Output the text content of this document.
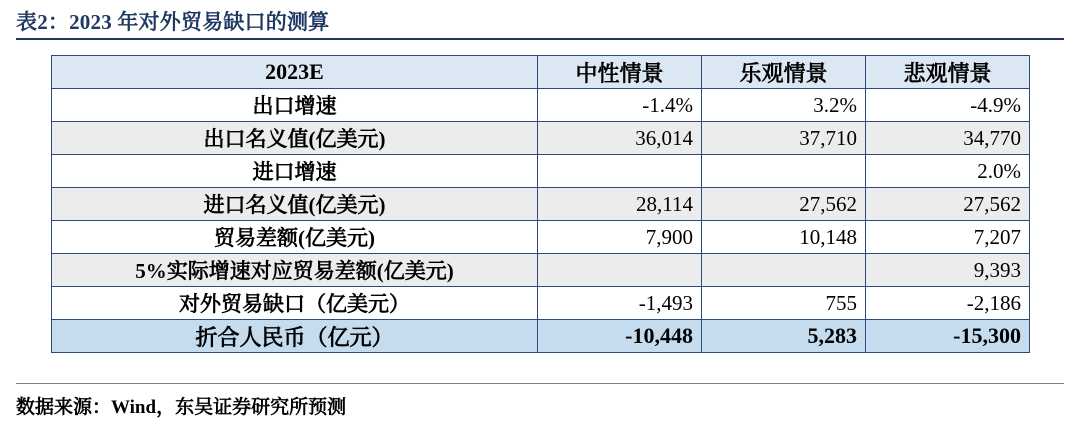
表2：2023 年对外贸易缺口的测算
2023E	中性情景	乐观情景	悲观情景
出口增速	-1.4%	3.2%	-4.9%
出口名义值(亿美元)	36,014	37,710	34,770
进口增速			2.0%
进口名义值(亿美元)	28,114	27,562	27,562
贸易差额(亿美元)	7,900	10,148	7,207
5%实际增速对应贸易差额(亿美元)			9,393
对外贸易缺口（亿美元）	-1,493	755	-2,186
折合人民币（亿元）	-10,448	5,283	-15,300
数据来源：Wind，东吴证券研究所预测
